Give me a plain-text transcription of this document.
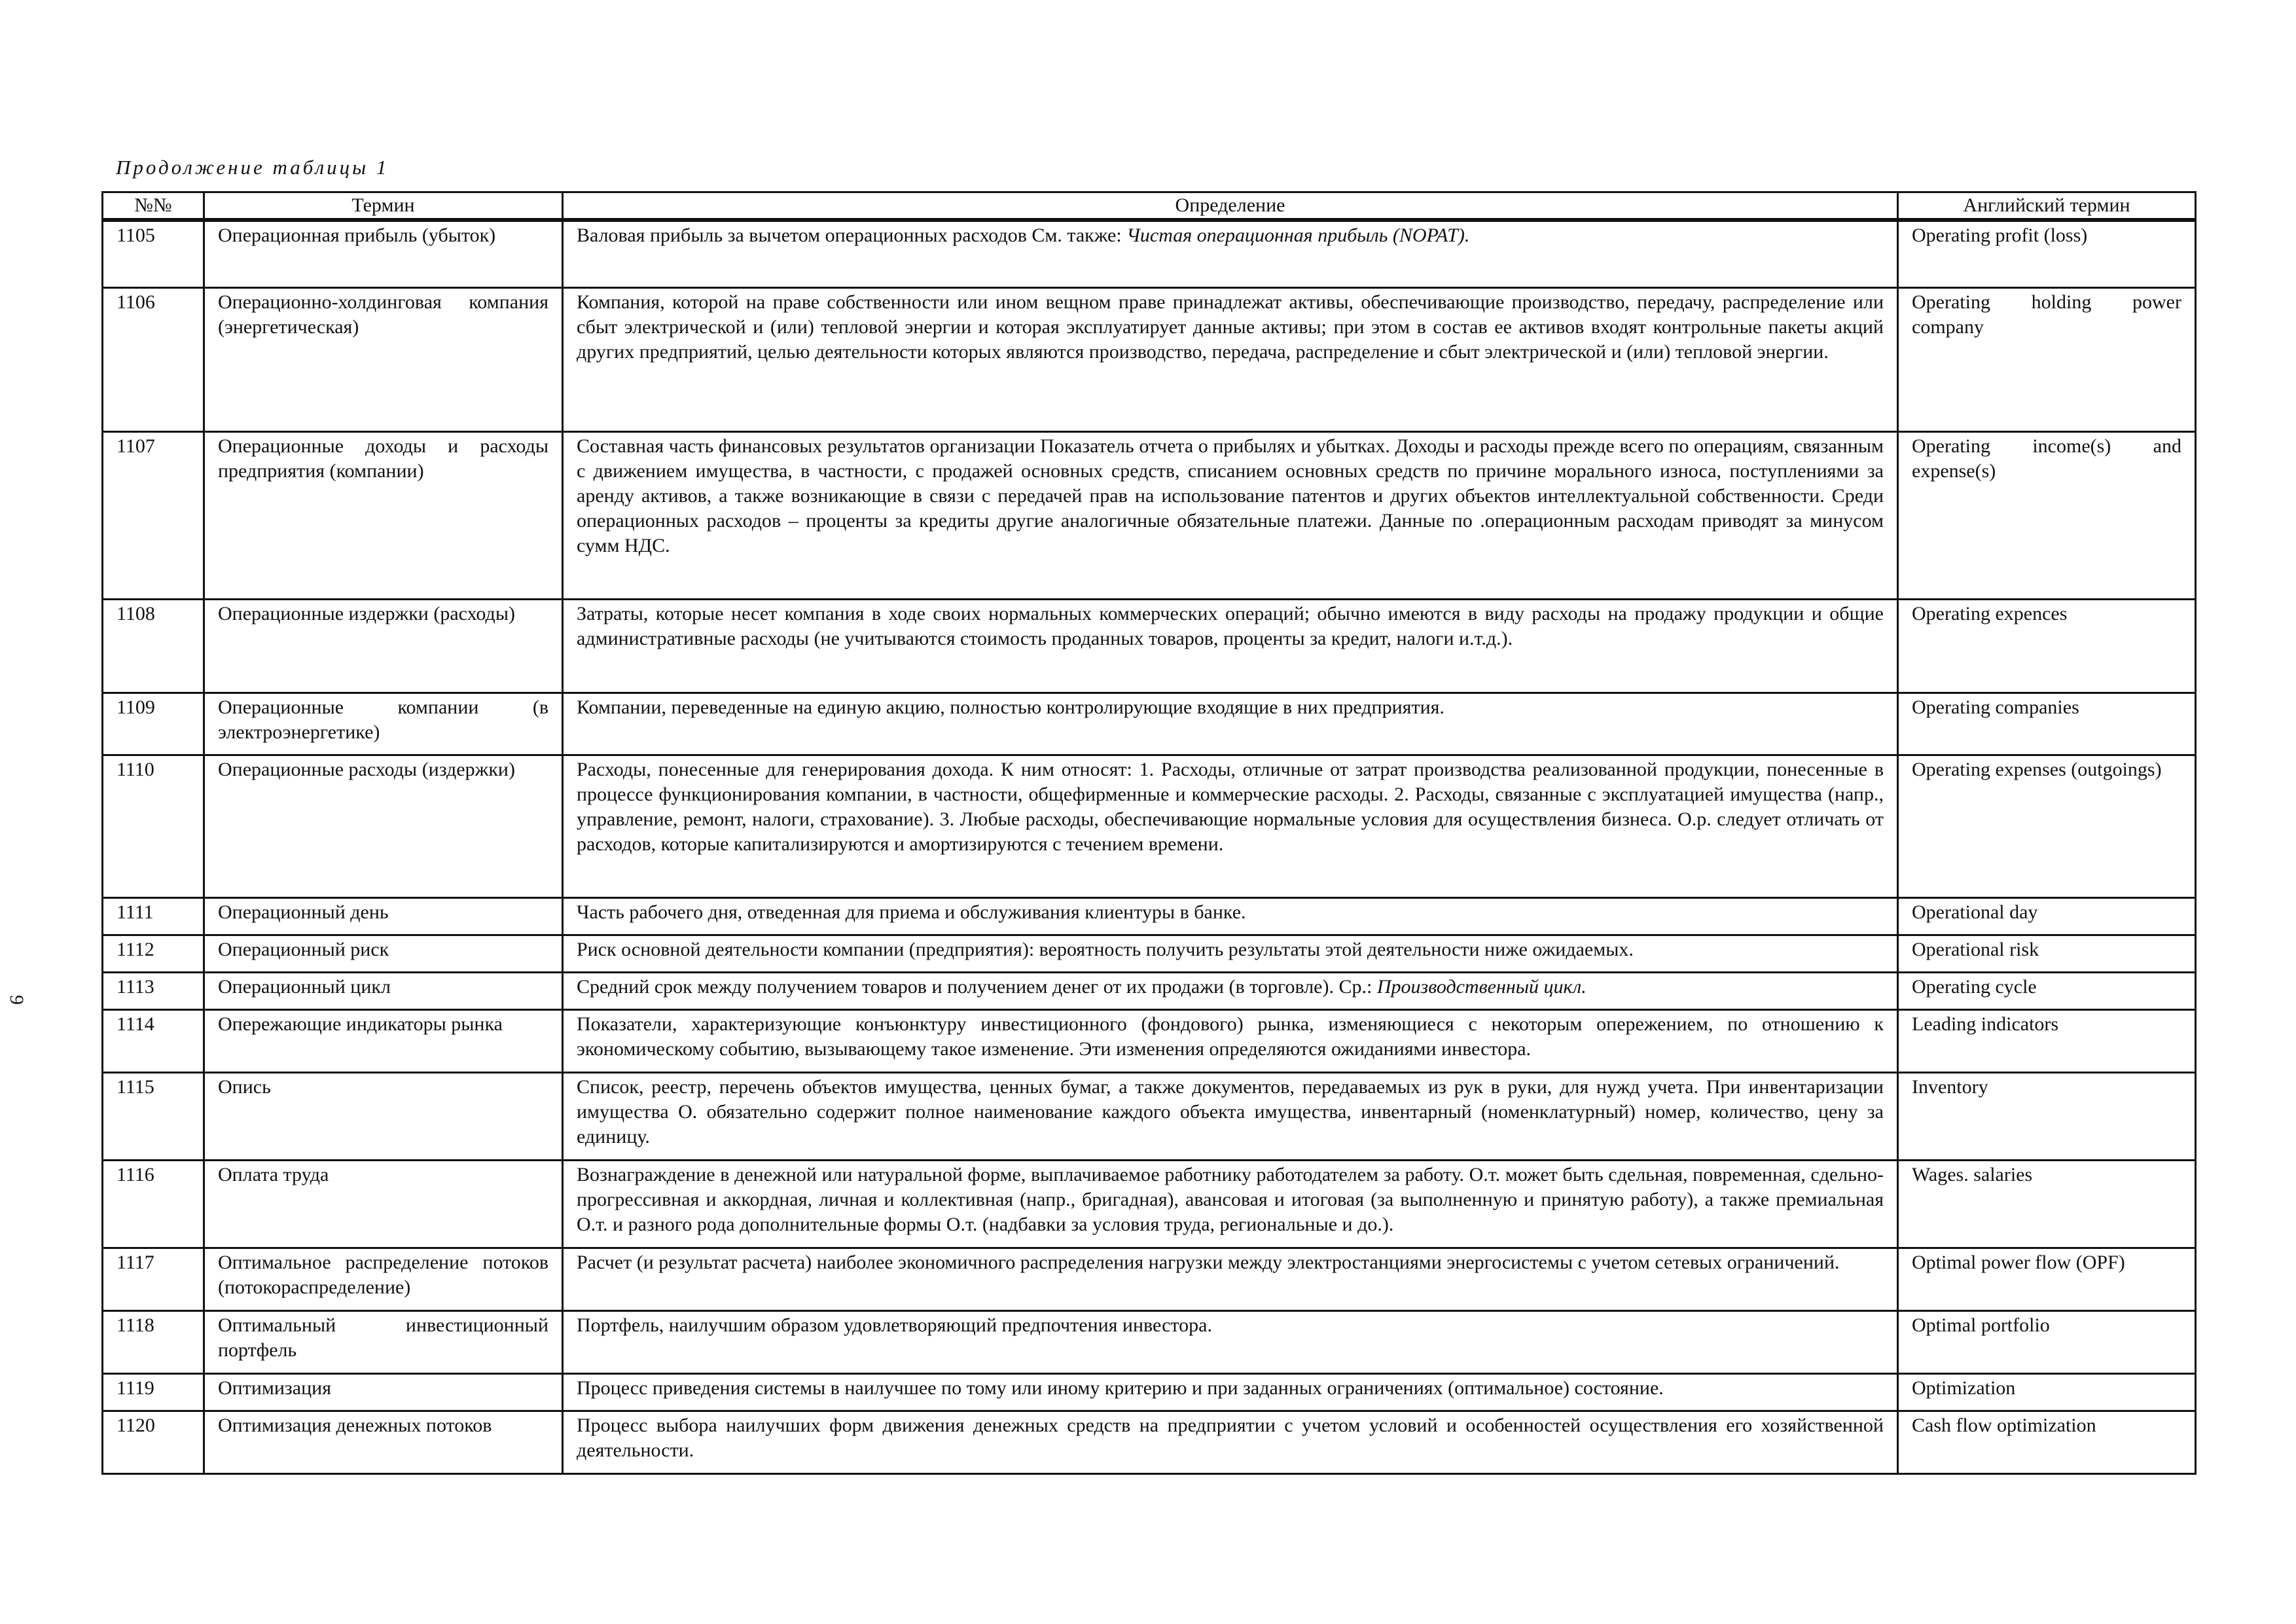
Продолжение таблицы 1
9
№№	Термин	Определение	Английский термин
1105	Операционная прибыль (убыток)	Валовая прибыль за вычетом операционных расходов См. также: Чистая операционная прибыль (NOPAT).	Operating profit (loss)
1106	Операционно-холдинговая компания (энергетическая)	Компания, которой на праве собственности или ином вещном праве принадлежат активы, обеспечивающие производство, передачу, распределение или сбыт электрической и (или) тепловой энергии и которая эксплуатирует данные активы; при этом в состав ее активов входят контрольные пакеты акций других предприятий, целью деятельности которых являются производство, передача, распределение и сбыт электрической и (или) тепловой энергии.	Operating holding power company
1107	Операционные доходы и расходы предприятия (компании)	Составная часть финансовых результатов организации Показатель отчета о прибылях и убытках. Доходы и расходы прежде всего по операциям, связанным с движением имущества, в частности, с продажей основных средств, списанием основных средств по причине морального износа, поступлениями за аренду активов, а также возникающие в связи с передачей прав на использование патентов и других объектов интеллектуальной собственности. Среди операционных расходов – проценты за кредиты другие аналогичные обязательные платежи. Данные по .операционным расходам приводят за минусом сумм НДС.	Operating income(s) and expense(s)
1108	Операционные издержки (расходы)	Затраты, которые несет компания в ходе своих нормальных коммерческих операций; обычно имеются в виду расходы на продажу продукции и общие административные расходы (не учитываются стоимость проданных товаров, проценты за кредит, налоги и.т.д.).	Operating expences
1109	Операционные компании (в электроэнергетике)	Компании, переведенные на единую акцию, полностью контролирующие входящие в них предприятия.	Operating companies
1110	Операционные расходы (издержки)	Расходы, понесенные для генерирования дохода. К ним относят: 1. Расходы, отличные от затрат производства реализованной продукции, понесенные в процессе функционирования компании, в частности, общефирменные и коммерческие расходы. 2. Расходы, связанные с эксплуатацией имущества (напр., управление, ремонт, налоги, страхование). 3. Любые расходы, обеспечивающие нормальные условия для осуществления бизнеса. О.р. следует отличать от расходов, которые капитализируются и амортизируются с течением времени.	Operating expenses (outgoings)
1111	Операционный день	Часть рабочего дня, отведенная для приема и обслуживания клиентуры в банке.	Operational day
1112	Операционный риск	Риск основной деятельности компании (предприятия): вероятность получить результаты этой деятельности ниже ожидаемых.	Operational risk
1113	Операционный цикл	Средний срок между получением товаров и получением денег от их продажи (в торговле). Ср.: Производственный цикл.	Operating cycle
1114	Опережающие индикаторы рынка	Показатели, характеризующие конъюнктуру инвестиционного (фондового) рынка, изменяющиеся с некоторым опережением, по отношению к экономическому событию, вызывающему такое изменение. Эти изменения определяются ожиданиями инвестора.	Leading indicators
1115	Опись	Список, реестр, перечень объектов имущества, ценных бумаг, а также документов, передаваемых из рук в руки, для нужд учета. При инвентаризации имущества О. обязательно содержит полное наименование каждого объекта имущества, инвентарный (номенклатурный) номер, количество, цену за единицу.	Inventory
1116	Оплата труда	Вознаграждение в денежной или натуральной форме, выплачиваемое работнику работодателем за работу. О.т. может быть сдельная, повременная, сдельно-прогрессивная и аккордная, личная и коллективная (напр., бригадная), авансовая и итоговая (за выполненную и принятую работу), а также премиальная О.т. и разного рода дополнительные формы О.т. (надбавки за условия труда, региональные и до.).	Wages. salaries
1117	Оптимальное распределение потоков (потокораспределение)	Расчет (и результат расчета) наиболее экономичного распределения нагрузки между электростанциями энергосистемы с учетом сетевых ограничений.	Optimal power flow (OPF)
1118	Оптимальный инвестиционный портфель	Портфель, наилучшим образом удовлетворяющий предпочтения инвестора.	Optimal portfolio
1119	Оптимизация	Процесс приведения системы в наилучшее по тому или иному критерию и при заданных ограничениях (оптимальное) состояние.	Optimization
1120	Оптимизация денежных потоков	Процесс выбора наилучших форм движения денежных средств на предприятии с учетом условий и особенностей осуществления его хозяйственной деятельности.	Cash flow optimization
